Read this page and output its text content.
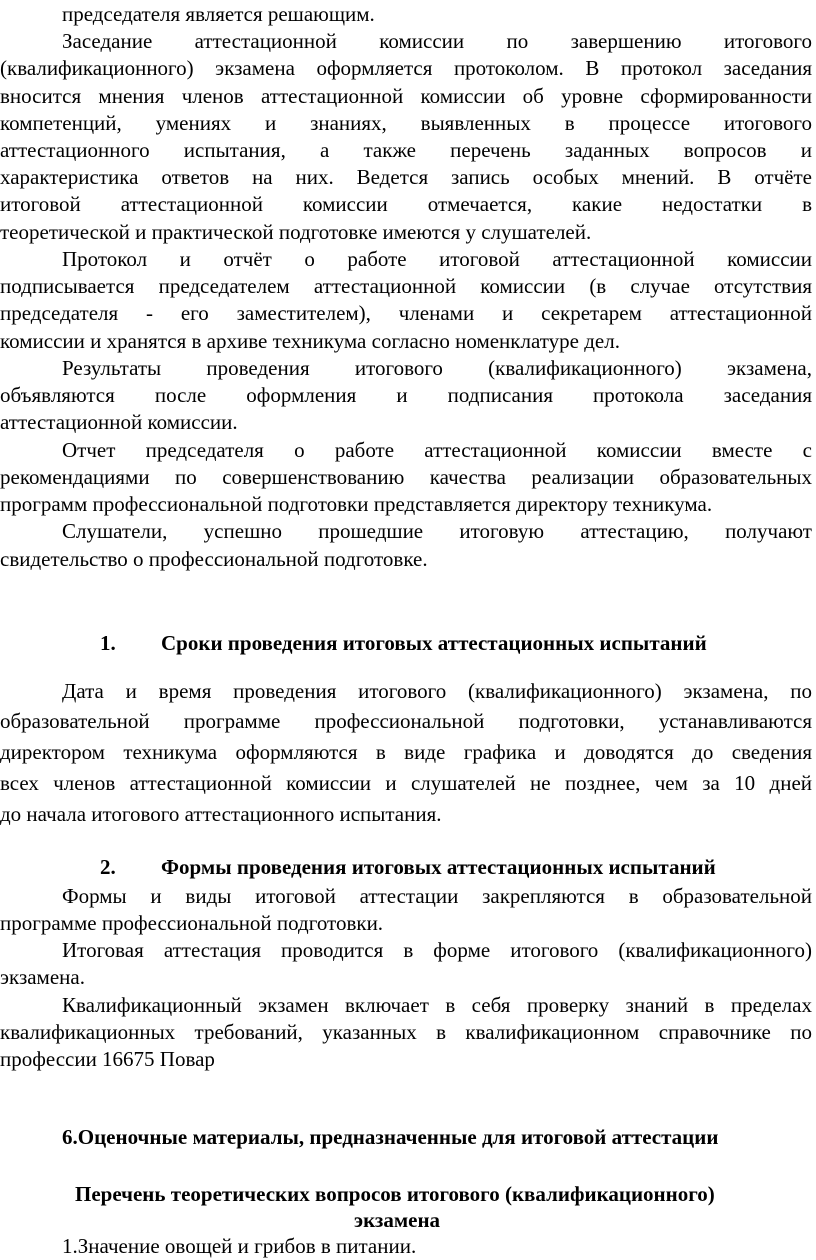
председателя является решающим.
Заседание аттестационной комиссии по завершению итогового
(квалификационного) экзамена оформляется протоколом. В протокол заседания
вносится мнения членов аттестационной комиссии об уровне сформированности
компетенций, умениях и знаниях, выявленных в процессе итогового
аттестационного испытания, а также перечень заданных вопросов и
характеристика ответов на них. Ведется запись особых мнений. В отчёте
итоговой аттестационной комиссии отмечается, какие недостатки в
теоретической и практической подготовке имеются у слушателей.
Протокол и отчёт о работе итоговой аттестационной комиссии
подписывается председателем аттестационной комиссии (в случае отсутствия
председателя - его заместителем), членами и секретарем аттестационной
комиссии и хранятся в архиве техникума согласно номенклатуре дел.
Результаты проведения итогового (квалификационного) экзамена,
объявляются после оформления и подписания протокола заседания
аттестационной комиссии.
Отчет председателя о работе аттестационной комиссии вместе с
рекомендациями по совершенствованию качества реализации образовательных
программ профессиональной подготовки представляется директору техникума.
Слушатели, успешно прошедшие итоговую аттестацию, получают
свидетельство о профессиональной подготовке.
1. Сроки проведения итоговых аттестационных испытаний
Дата и время проведения итогового (квалификационного) экзамена, по
образовательной программе профессиональной подготовки, устанавливаются
директором техникума оформляются в виде графика и доводятся до сведения
всех членов аттестационной комиссии и слушателей не позднее, чем за 10 дней
до начала итогового аттестационного испытания.
2. Формы проведения итоговых аттестационных испытаний
Формы и виды итоговой аттестации закрепляются в образовательной
программе профессиональной подготовки.
Итоговая аттестация проводится в форме итогового (квалификационного)
экзамена.
Квалификационный экзамен включает в себя проверку знаний в пределах
квалификационных требований, указанных в квалификационном справочнике по
профессии 16675 Повар
6.Оценочные материалы, предназначенные для итоговой аттестации
Перечень теоретических вопросов итогового (квалификационного)
экзамена
1.Значение овощей и грибов в питании.
